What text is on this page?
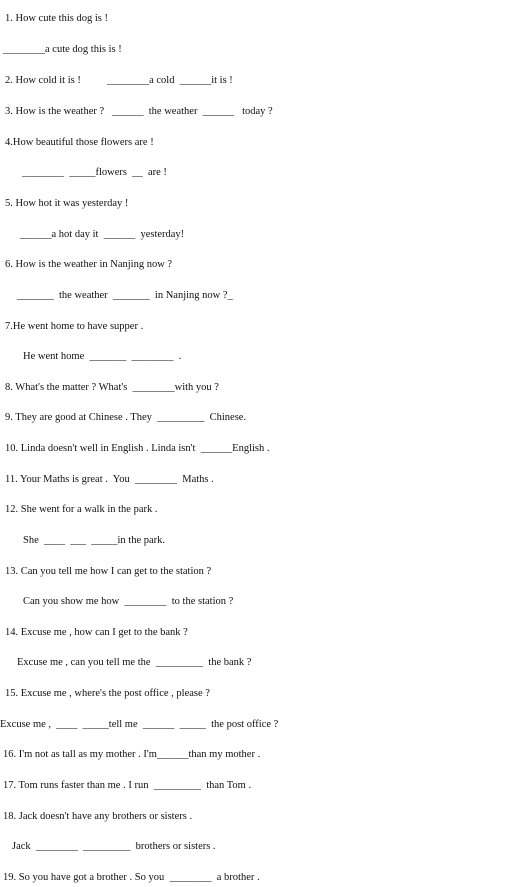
1. How cute this dog is !
________a cute dog this is !
2. How cold it is !          ________a cold  ______it is !
3. How is the weather ?   ______  the weather  ______   today ?
4.How beautiful those flowers are !
________  _____flowers  __  are !
5. How hot it was yesterday !
______a hot day it  ______  yesterday!
6. How is the weather in Nanjing now ?
_______  the weather  _______  in Nanjing now ?_
7.He went home to have supper .
He went home  _______  ________  .
8. What's the matter ? What's  ________with you ?
9. They are good at Chinese . They  _________  Chinese.
10. Linda doesn't well in English . Linda isn't  ______English .
11. Your Maths is great .  You  ________  Maths .
12. She went for a walk in the park .
She  ____  ___  _____in the park.
13. Can you tell me how I can get to the station ?
Can you show me how  ________  to the station ?
14. Excuse me , how can I get to the bank ?
Excuse me , can you tell me the  _________  the bank ?
15. Excuse me , where's the post office , please ?
Excuse me ,  ____  _____tell me  ______  _____  the post office ?
16. I'm not as tall as my mother . I'm______than my mother .
17. Tom runs faster than me . I run  _________  than Tom .
18. Jack doesn't have any brothers or sisters .
Jack  ________  _________  brothers or sisters .
19. So you have got a brother . So you  ________  a brother .
